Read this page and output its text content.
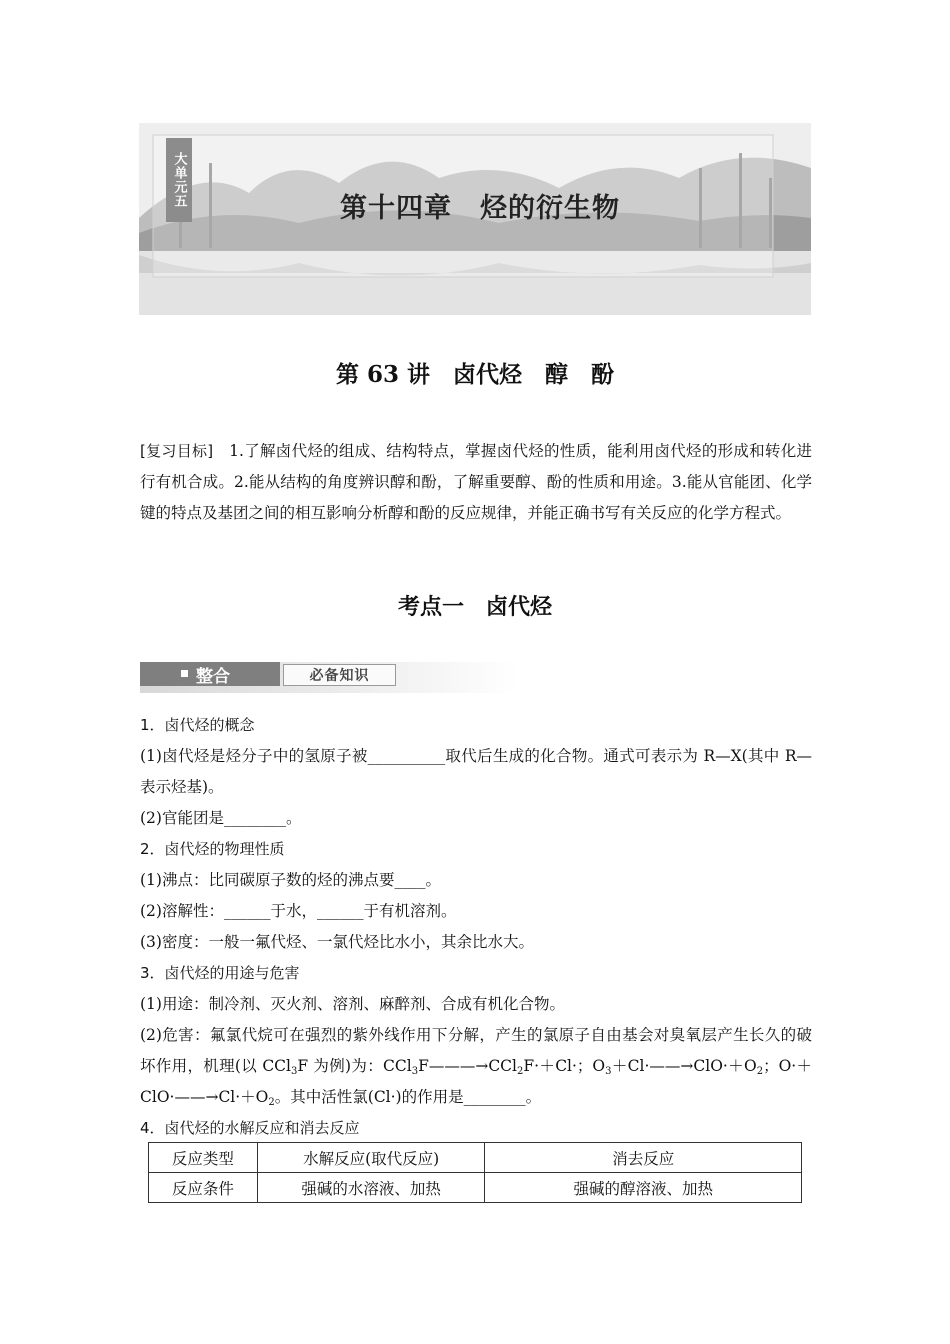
大单元五
第十四章　烃的衍生物
第 63 讲　卤代烃　醇　酚
[复习目标]　1.了解卤代烃的组成、结构特点，掌握卤代烃的性质，能利用卤代烃的形成和转化进行有机合成。2.能从结构的角度辨识醇和酚，了解重要醇、酚的性质和用途。3.能从官能团、化学键的特点及基团之间的相互影响分析醇和酚的反应规律，并能正确书写有关反应的化学方程式。
考点一　卤代烃
整合	必备知识
1．卤代烃的概念
(1)卤代烃是烃分子中的氢原子被__________取代后生成的化合物。通式可表示为 R—X(其中 R—表示烃基)。
(2)官能团是________。
2．卤代烃的物理性质
(1)沸点：比同碳原子数的烃的沸点要____。
(2)溶解性：______于水，______于有机溶剂。
(3)密度：一般一氟代烃、一氯代烃比水小，其余比水大。
3．卤代烃的用途与危害
(1)用途：制冷剂、灭火剂、溶剂、麻醉剂、合成有机化合物。
(2)危害：氟氯代烷可在强烈的紫外线作用下分解，产生的氯原子自由基会对臭氧层产生长久的破坏作用，机理(以 CCl$_3$F 为例)为：CCl$_3$F———→CCl$_2$F·＋Cl·；$O_3+Cl\cdot——\to ClO\cdot+O_2$；$O\cdot+ClO\cdot——\to Cl\cdot+O_2$。其中活性氯(Cl·)的作用是________。
4．卤代烃的水解反应和消去反应
反应类型	水解反应(取代反应)	消去反应
反应条件	强碱的水溶液、加热	强碱的醇溶液、加热
